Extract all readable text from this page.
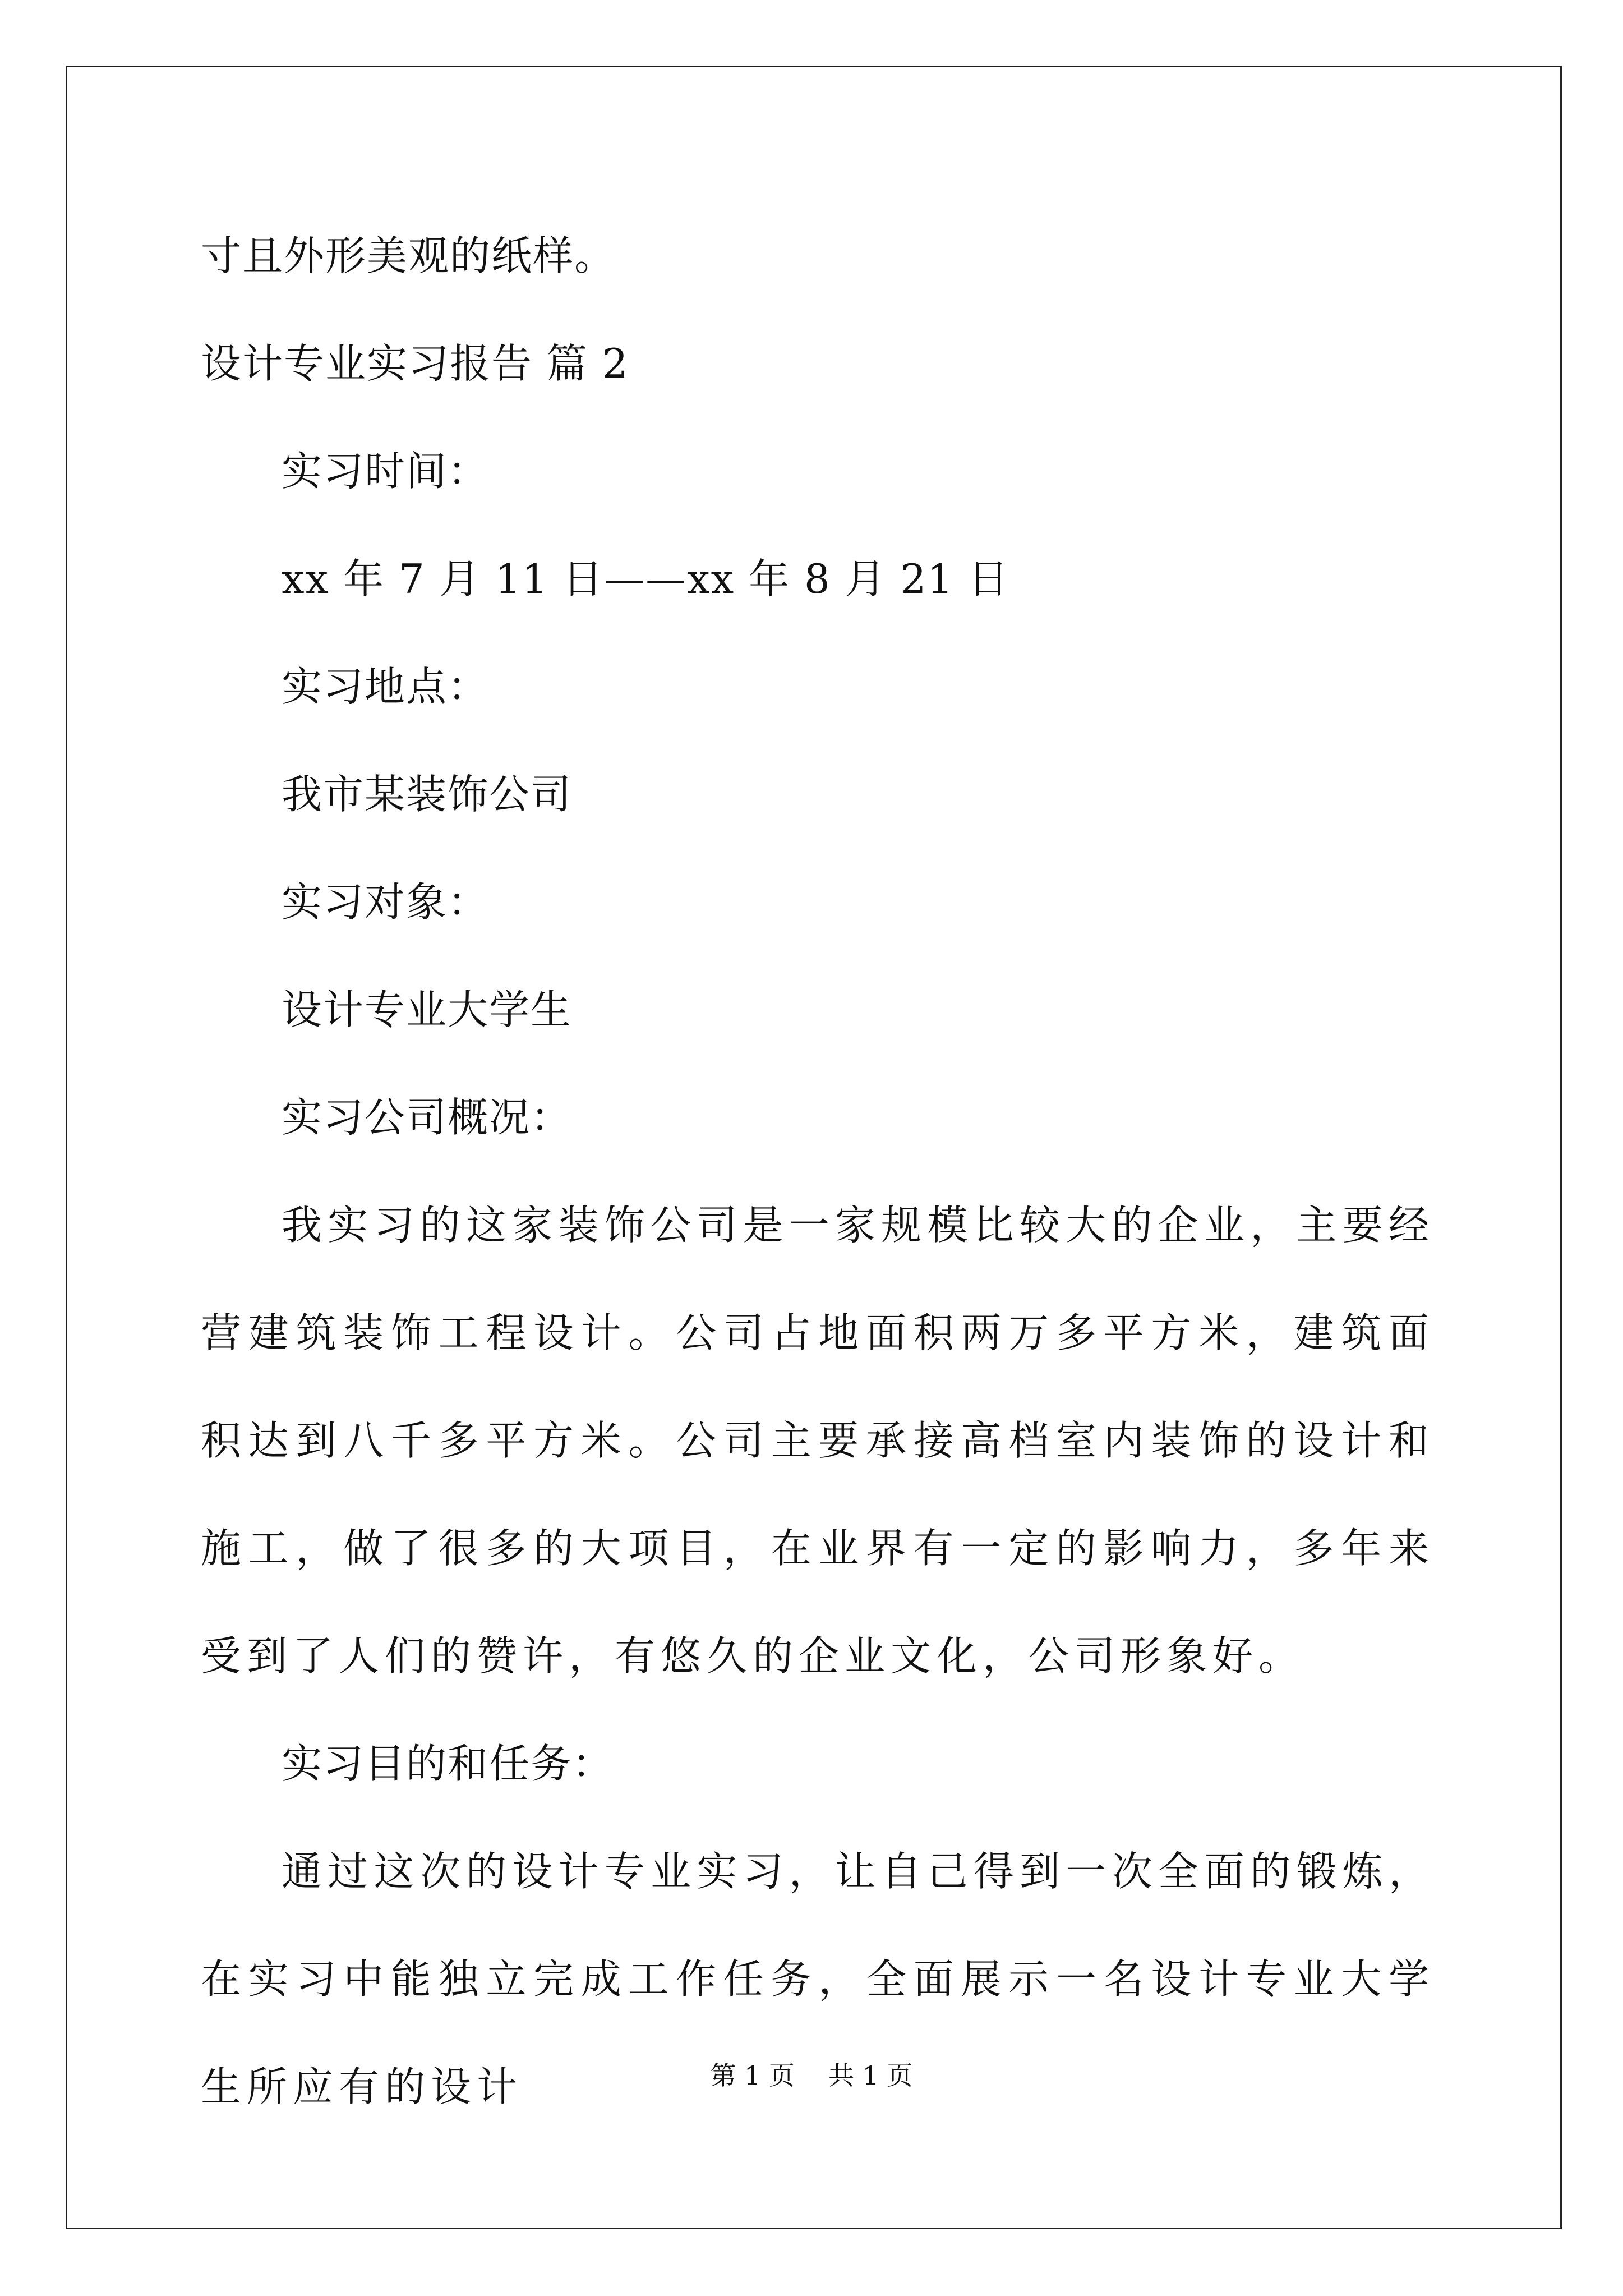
寸且外形美观的纸样。
设计专业实习报告 篇 2
实习时间：
xx 年 7 月 11 日——xx 年 8 月 21 日
实习地点：
我市某装饰公司
实习对象：
设计专业大学生
实习公司概况：
我实习的这家装饰公司是一家规模比较大的企业，主要经营建筑装饰工程设计。公司占地面积两万多平方米，建筑面积达到八千多平方米。公司主要承接高档室内装饰的设计和施工，做了很多的大项目，在业界有一定的影响力，多年来受到了人们的赞许，有悠久的企业文化，公司形象好。
实习目的和任务：
通过这次的设计专业实习，让自己得到一次全面的锻炼，在实习中能独立完成工作任务，全面展示一名设计专业大学生所应有的设计	第 1 页 共 1 页
